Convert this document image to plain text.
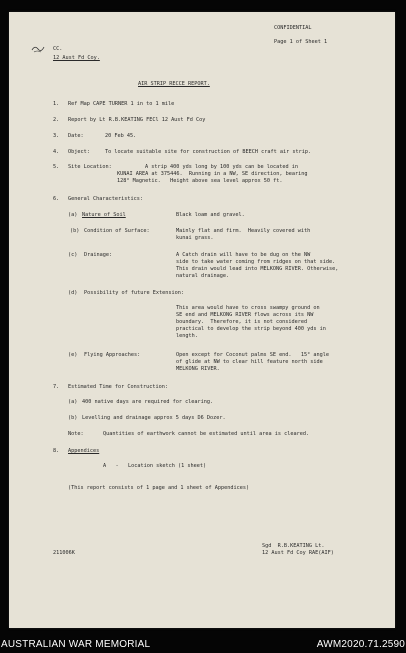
CONFIDENTIAL
Page 1 of Sheet 1
CC.
12 Aust Fd Coy.
AIR STRIP RECCE REPORT.
1. Ref Map CAPE TURNER 1 in to 1 mile
2. Report by Lt R.B.KEATING FECl 12 Aust Fd Coy
3. Date:	20 Feb 45.
4. Object:	To locate suitable site for construction of BEECH craft air strip.
5. Site Location:	A strip 400 yds long by 100 yds can be located in
KUNAI AREA at 375446.  Running in a NW, SE direction, bearing
128° Magnetic.   Height above sea level approx 50 ft.
6. General Characteristics:
(a) Nature of Soil	Black loam and gravel.
(b) Condition of Surface:	Mainly flat and firm.  Heavily covered with
kunai grass.
(c) Drainage:	A Catch drain will have to be dug on the NW
side to take water coming from ridges on that side.
This drain would lead into MELKONG RIVER. Otherwise,
natural drainage.
(d) Possibility of future Extension:
This area would have to cross swampy ground on
SE end and MELKONG RIVER flows across its NW
boundary.  Therefore, it is not considered
practical to develop the strip beyond 400 yds in
length.
(e) Flying Approaches:	Open except for Coconut palms SE end.   15° angle
of glide at NW to clear hill feature north side
MELKONG RIVER.
7. Estimated Time for Construction:
(a) 400 native days are required for clearing.
(b) Levelling and drainage approx 5 days D6 Dozer.
Note:	Quantities of earthwork cannot be estimated until area is cleared.
8. Appendices
A   -   Location sketch (1 sheet)
(This report consists of 1 page and 1 sheet of Appendices)
Sgd  R.B.KEATING Lt.
12 Aust Fd Coy RAE(AIF)
211006K
AUSTRALIAN WAR MEMORIAL	AWM2020.71.2590
